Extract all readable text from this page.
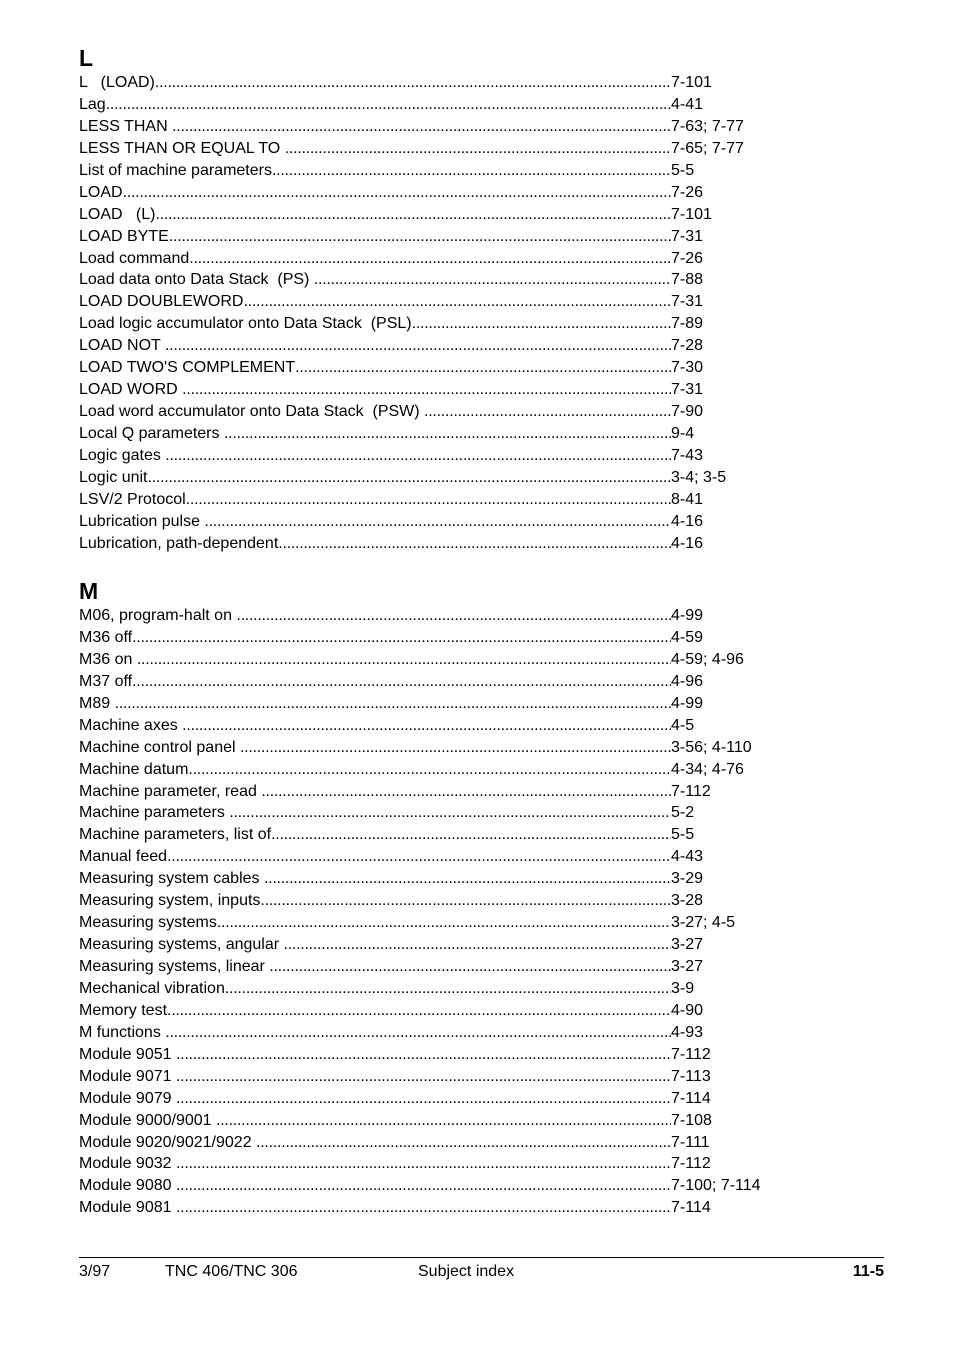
L
L   (LOAD) . . .	7-101
Lag . . .	4-41
LESS THAN . . .	7-63; 7-77
LESS THAN OR EQUAL TO . . .	7-65; 7-77
List of machine parameters . . .	5-5
LOAD . . .	7-26
LOAD   (L) . . .	7-101
LOAD BYTE . . .	7-31
Load command . . .	7-26
Load data onto Data Stack  (PS) . . .	7-88
LOAD DOUBLEWORD . . .	7-31
Load logic accumulator onto Data Stack  (PSL) . . .	7-89
LOAD NOT . . .	7-28
LOAD TWO'S COMPLEMENT . . .	7-30
LOAD WORD . . .	7-31
Load word accumulator onto Data Stack  (PSW) . . .	7-90
Local Q parameters . . .	9-4
Logic gates . . .	7-43
Logic unit . . .	3-4; 3-5
LSV/2 Protocol . . .	8-41
Lubrication pulse . . .	4-16
Lubrication, path-dependent . . .	4-16
M
M06, program-halt on . . .	4-99
M36 off . . .	4-59
M36 on . . .	4-59; 4-96
M37 off . . .	4-96
M89 . . .	4-99
Machine axes . . .	4-5
Machine control panel . . .	3-56; 4-110
Machine datum . . .	4-34; 4-76
Machine parameter, read . . .	7-112
Machine parameters . . .	5-2
Machine parameters, list of . . .	5-5
Manual feed . . .	4-43
Measuring system cables . . .	3-29
Measuring system, inputs . . .	3-28
Measuring systems . . .	3-27; 4-5
Measuring systems, angular . . .	3-27
Measuring systems, linear . . .	3-27
Mechanical vibration . . .	3-9
Memory test . . .	4-90
M functions . . .	4-93
Module 9051 . . .	7-112
Module 9071 . . .	7-113
Module 9079 . . .	7-114
Module 9000/9001 . . .	7-108
Module 9020/9021/9022 . . .	7-111
Module 9032 . . .	7-112
Module 9080 . . .	7-100; 7-114
Module 9081 . . .	7-114
3/97	TNC 406/TNC 306	Subject index	11-5
